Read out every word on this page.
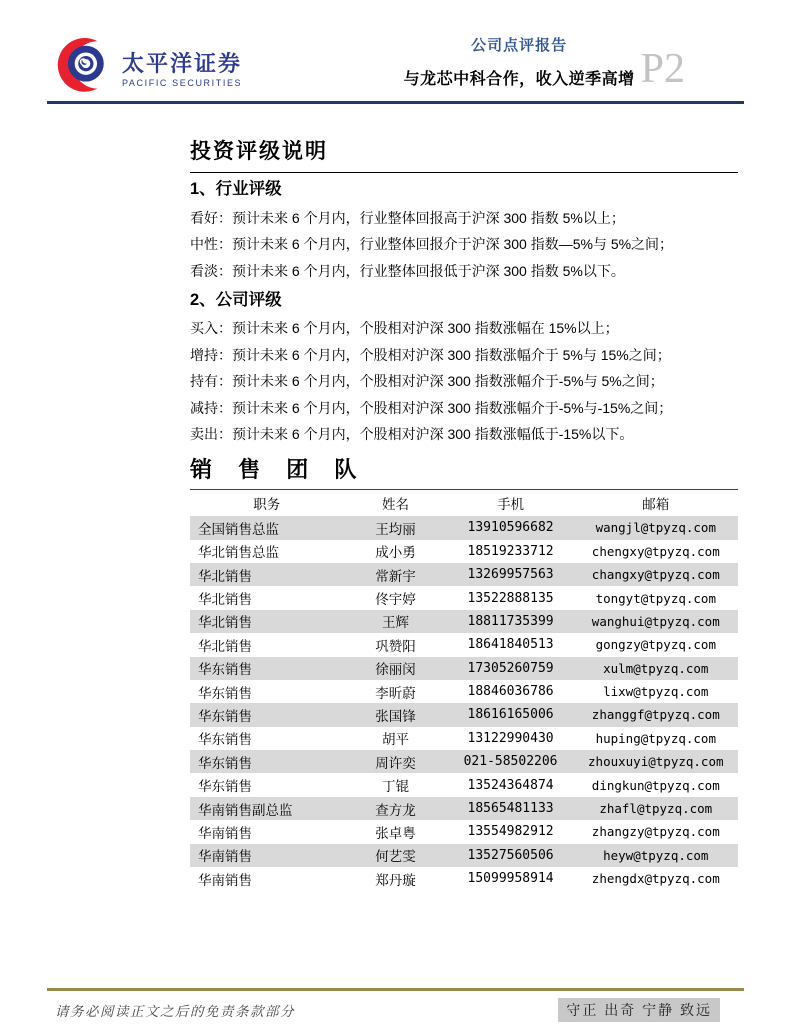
太平洋证券
PACIFIC SECURITIES
公司点评报告
与龙芯中科合作，收入逆季高增 P2
投资评级说明
1、行业评级
看好：预计未来 6 个月内，行业整体回报高于沪深 300 指数 5%以上；
中性：预计未来 6 个月内，行业整体回报介于沪深 300 指数—5%与 5%之间；
看淡：预计未来 6 个月内，行业整体回报低于沪深 300 指数 5%以下。
2、公司评级
买入：预计未来 6 个月内，个股相对沪深 300 指数涨幅在 15%以上；
增持：预计未来 6 个月内，个股相对沪深 300 指数涨幅介于 5%与 15%之间；
持有：预计未来 6 个月内，个股相对沪深 300 指数涨幅介于-5%与 5%之间；
减持：预计未来 6 个月内，个股相对沪深 300 指数涨幅介于-5%与-15%之间；
卖出：预计未来 6 个月内，个股相对沪深 300 指数涨幅低于-15%以下。
销 售 团 队
职务	姓名	手机	邮箱
全国销售总监	王均丽	13910596682	wangjl@tpyzq.com
华北销售总监	成小勇	18519233712	chengxy@tpyzq.com
华北销售	常新宇	13269957563	changxy@tpyzq.com
华北销售	佟宇婷	13522888135	tongyt@tpyzq.com
华北销售	王辉	18811735399	wanghui@tpyzq.com
华北销售	巩赞阳	18641840513	gongzy@tpyzq.com
华东销售	徐丽闵	17305260759	xulm@tpyzq.com
华东销售	李昕蔚	18846036786	lixw@tpyzq.com
华东销售	张国锋	18616165006	zhanggf@tpyzq.com
华东销售	胡平	13122990430	huping@tpyzq.com
华东销售	周许奕	021-58502206	zhouxuyi@tpyzq.com
华东销售	丁锟	13524364874	dingkun@tpyzq.com
华南销售副总监	查方龙	18565481133	zhafl@tpyzq.com
华南销售	张卓粤	13554982912	zhangzy@tpyzq.com
华南销售	何艺雯	13527560506	heyw@tpyzq.com
华南销售	郑丹璇	15099958914	zhengdx@tpyzq.com
请务必阅读正文之后的免责条款部分	守正 出奇 宁静 致远
